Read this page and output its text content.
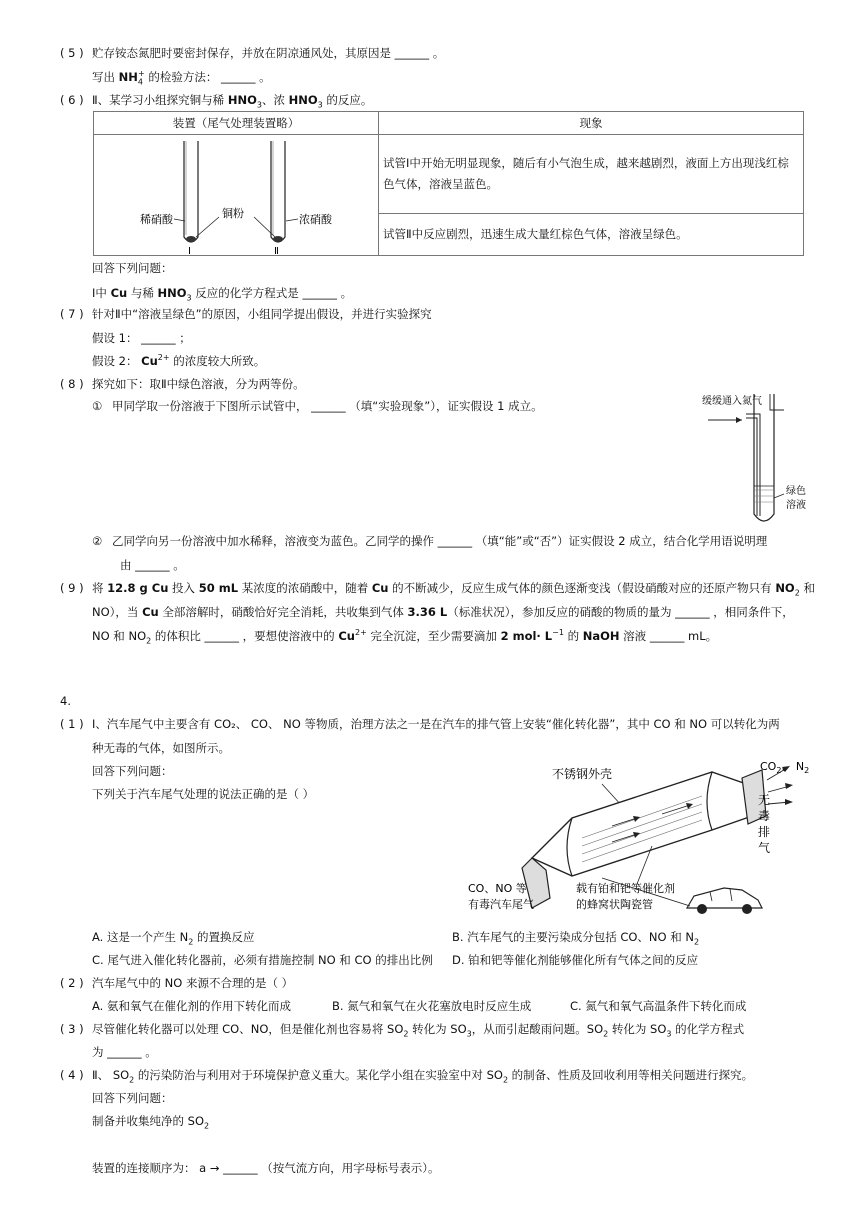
( 5 ) 贮存铵态氮肥时要密封保存，并放在阴凉通风处，其原因是 ______ 。
写出 $NH_4^+$ 的检验方法： ______ 。
( 6 ) Ⅱ、某学习小组探究铜与稀 $HNO_3$、浓 $HNO_3$ 的反应。
装置（尾气处理装置略）	现象

稀硝酸 铜粉 浓硝酸
Ⅰ Ⅱ	试管Ⅰ中开始无明显现象，随后有小气泡生成，越来越剧烈，液面上方出现浅红棕色气体，溶液呈蓝色。
	试管Ⅱ中反应剧烈，迅速生成大量红棕色气体，溶液呈绿色。
回答下列问题：
Ⅰ中 Cu 与稀 $HNO_3$ 反应的化学方程式是 ______ 。
( 7 ) 针对Ⅱ中“溶液呈绿色”的原因，小组同学提出假设，并进行实验探究
假设 1： ______ ；
假设 2： $Cu^{2+}$ 的浓度较大所致。
( 8 ) 探究如下：取Ⅱ中绿色溶液，分为两等份。
① 甲同学取一份溶液于下图所示试管中， ______ （填“实验现象”），证实假设 1 成立。	缓缓通入氮气
绿色
溶液
② 乙同学向另一份溶液中加水稀释，溶液变为蓝色。乙同学的操作 ______ （填“能”或“否”）证实假设 2 成立，结合化学用语说明理
由 ______ 。
( 9 ) 将 12.8 g Cu 投入 50 mL 某浓度的浓硝酸中，随着 Cu 的不断减少，反应生成气体的颜色逐渐变浅（假设硝酸对应的还原产物只有 $NO_2$ 和
NO），当 Cu 全部溶解时，硝酸恰好完全消耗，共收集到气体 3.36 L（标准状况），参加反应的硝酸的物质的量为 ______ ，相同条件下，
NO 和 $NO_2$ 的体积比 ______ ，要想使溶液中的 $Cu^{2+}$ 完全沉淀，至少需要滴加 2 $mol\cdot L^{-1}$ 的 NaOH 溶液 ______ mL。
4.
( 1 ) Ⅰ、汽车尾气中主要含有 CO₂、 CO、 NO 等物质，治理方法之一是在汽车的排气管上安装“催化转化器”，其中 CO 和 NO 可以转化为两
种无毒的气体，如图所示。
回答下列问题：
下列关于汽车尾气处理的说法正确的是（ ）
不锈钢外壳
$CO_2$、 $N_2$
无
毒
排
气
CO、NO 等
有毒汽车尾气
载有铂和钯等催化剂
的蜂窝状陶瓷管
A. 这是一个产生 $N_2$ 的置换反应	B. 汽车尾气的主要污染成分包括 CO、NO 和 $N_2$
C. 尾气进入催化转化器前，必须有措施控制 NO 和 CO 的排出比例 D. 铂和钯等催化剂能够催化所有气体之间的反应
( 2 ) 汽车尾气中的 NO 来源不合理的是（ ）
A. 氨和氧气在催化剂的作用下转化而成	B. 氮气和氧气在火花塞放电时反应生成	C. 氮气和氧气高温条件下转化而成
( 3 ) 尽管催化转化器可以处理 CO、NO，但是催化剂也容易将 $SO_2$ 转化为 $SO_3$，从而引起酸雨问题。$SO_2$ 转化为 $SO_3$ 的化学方程式
为 ______ 。
( 4 ) Ⅱ、 $SO_2$ 的污染防治与利用对于环境保护意义重大。某化学小组在实验室中对 $SO_2$ 的制备、性质及回收利用等相关问题进行探究。
回答下列问题：
制备并收集纯净的 $SO_2$
装置的连接顺序为： a → ______ （按气流方向，用字母标号表示）。
